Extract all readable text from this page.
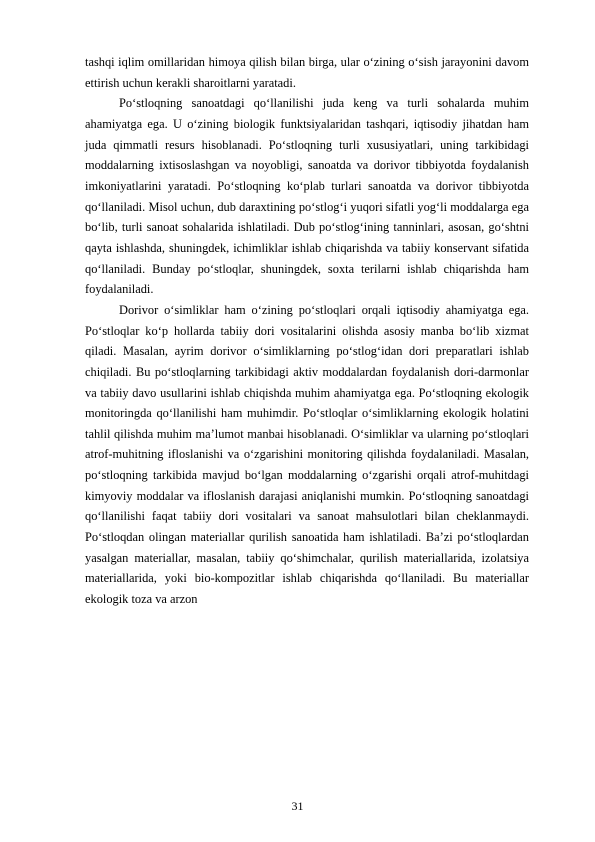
tashqi iqlim omillaridan himoya qilish bilan birga, ular o‘zining o‘sish jarayonini davom ettirish uchun kerakli sharoitlarni yaratadi.

Po‘stloqning sanoatdagi qo‘llanilishi juda keng va turli sohalarda muhim ahamiyatga ega. U o‘zining biologik funktsiyalaridan tashqari, iqtisodiy jihatdan ham juda qimmatli resurs hisoblanadi. Po‘stloqning turli xususiyatlari, uning tarkibidagi moddalarning ixtisoslashgan va noyobligi, sanoatda va dorivor tibbiyotda foydalanish imkoniyatlarini yaratadi. Po‘stloqning ko‘plab turlari sanoatda va dorivor tibbiyotda qo‘llaniladi. Misol uchun, dub daraxtining po‘stlog‘i yuqori sifatli yog‘li moddalarga ega bo‘lib, turli sanoat sohalarida ishlatiladi. Dub po‘stlog‘ining tanninlari, asosan, go‘shtni qayta ishlashda, shuningdek, ichimliklar ishlab chiqarishda va tabiiy konservant sifatida qo‘llaniladi. Bunday po‘stloqlar, shuningdek, soxta terilarni ishlab chiqarishda ham foydalaniladi.

Dorivor o‘simliklar ham o‘zining po‘stloqlari orqali iqtisodiy ahamiyatga ega. Po‘stloqlar ko‘p hollarda tabiiy dori vositalarini olishda asosiy manba bo‘lib xizmat qiladi. Masalan, ayrim dorivor o‘simliklarning po‘stlog‘idan dori preparatlari ishlab chiqiladi. Bu po‘stloqlarning tarkibidagi aktiv moddalardan foydalanish dori-darmonlar va tabiiy davo usullarini ishlab chiqishda muhim ahamiyatga ega. Po‘stloqning ekologik monitoringda qo‘llanilishi ham muhimdir. Po‘stloqlar o‘simliklarning ekologik holatini tahlil qilishda muhim ma’lumot manbai hisoblanadi. O‘simliklar va ularning po‘stloqlari atrof-muhitning ifloslanishi va o‘zgarishini monitoring qilishda foydalaniladi. Masalan, po‘stloqning tarkibida mavjud bo‘lgan moddalarning o‘zgarishi orqali atrof-muhitdagi kimyoviy moddalar va ifloslanish darajasi aniqlanishi mumkin. Po‘stloqning sanoatdagi qo‘llanilishi faqat tabiiy dori vositalari va sanoat mahsulotlari bilan cheklanmaydi. Po‘stloqdan olingan materiallar qurilish sanoatida ham ishlatiladi. Ba’zi po‘stloqlardan yasalgan materiallar, masalan, tabiiy qo‘shimchalar, qurilish materiallarida, izolatsiya materiallarida, yoki bio-kompozitlar ishlab chiqarishda qo‘llaniladi. Bu materiallar ekologik toza va arzon

31
